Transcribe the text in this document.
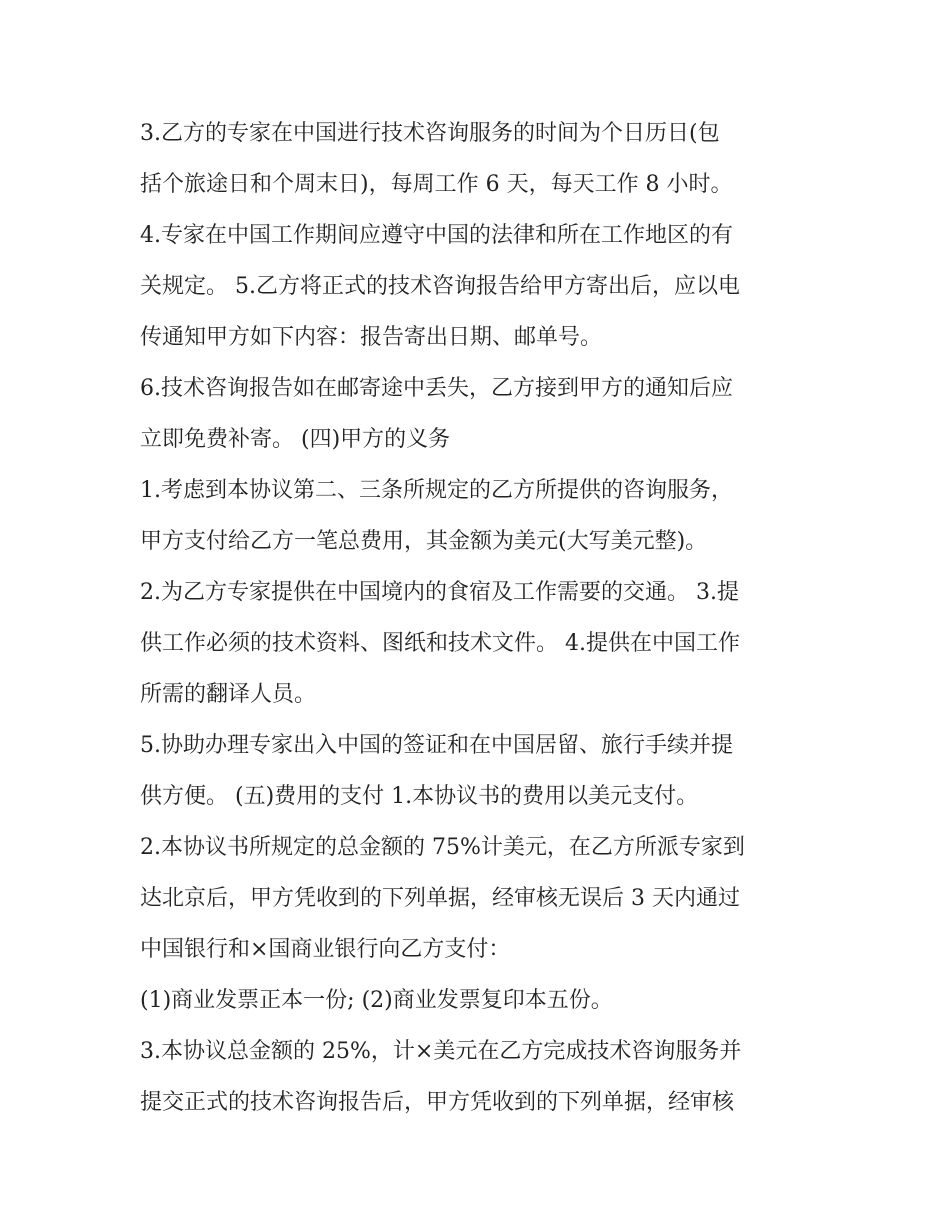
3.乙方的专家在中国进行技术咨询服务的时间为个日历日(包
括个旅途日和个周末日)，每周工作 6 天，每天工作 8 小时。
4.专家在中国工作期间应遵守中国的法律和所在工作地区的有
关规定。 5.乙方将正式的技术咨询报告给甲方寄出后，应以电
传通知甲方如下内容：报告寄出日期、邮单号。
6.技术咨询报告如在邮寄途中丢失，乙方接到甲方的通知后应
立即免费补寄。 (四)甲方的义务
1.考虑到本协议第二、三条所规定的乙方所提供的咨询服务，
甲方支付给乙方一笔总费用，其金额为美元(大写美元整)。
2.为乙方专家提供在中国境内的食宿及工作需要的交通。 3.提
供工作必须的技术资料、图纸和技术文件。 4.提供在中国工作
所需的翻译人员。
5.协助办理专家出入中国的签证和在中国居留、旅行手续并提
供方便。 (五)费用的支付 1.本协议书的费用以美元支付。
2.本协议书所规定的总金额的 75%计美元，在乙方所派专家到
达北京后，甲方凭收到的下列单据，经审核无误后 3 天内通过
中国银行和×国商业银行向乙方支付：
(1)商业发票正本一份; (2)商业发票复印本五份。
3.本协议总金额的 25%，计×美元在乙方完成技术咨询服务并
提交正式的技术咨询报告后，甲方凭收到的下列单据，经审核
